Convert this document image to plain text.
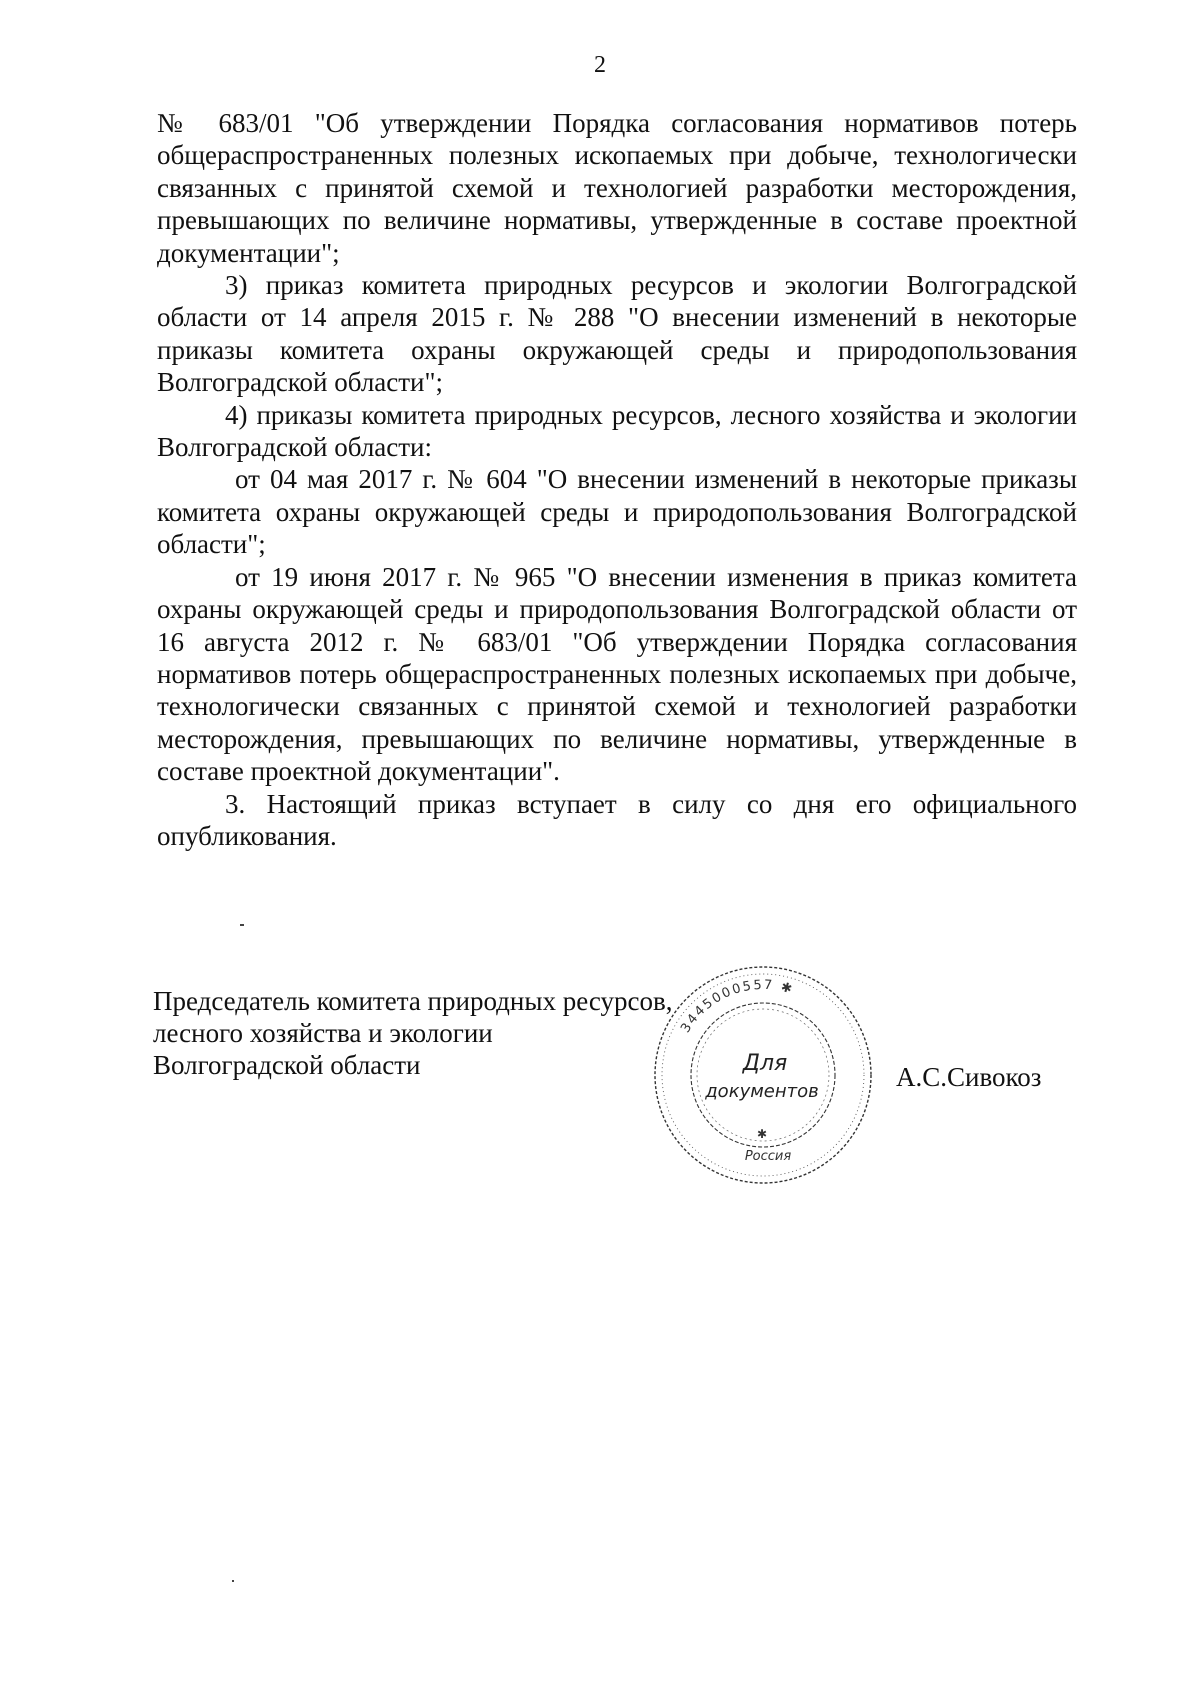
2

№ 683/01 "Об утверждении Порядка согласования нормативов потерь общераспространенных полезных ископаемых при добыче, технологически связанных с принятой схемой и технологией разработки месторождения, превышающих по величине нормативы, утвержденные в составе проектной документации";

3) приказ комитета природных ресурсов и экологии Волгоградской области от 14 апреля 2015 г. № 288 "О внесении изменений в некоторые приказы комитета охраны окружающей среды и природопользования Волгоградской области";

4) приказы комитета природных ресурсов, лесного хозяйства и экологии Волгоградской области:

от 04 мая 2017 г. № 604 "О внесении изменений в некоторые приказы комитета охраны окружающей среды и природопользования Волгоградской области";

от 19 июня 2017 г. № 965 "О внесении изменения в приказ комитета охраны окружающей среды и природопользования Волгоградской области от 16 августа 2012 г. № 683/01 "Об утверждении Порядка согласования нормативов потерь общераспространенных полезных ископаемых при добыче, технологически связанных с принятой схемой и технологией разработки месторождения, превышающих по величине нормативы, утвержденные в составе проектной документации".

3. Настоящий приказ вступает в силу со дня его официального опубликования.

Председатель комитета природных ресурсов,
лесного хозяйства и экологии
Волгоградской области
3445000557 ✱
Для
документов
Россия
✱
А.С.Сивокоз
